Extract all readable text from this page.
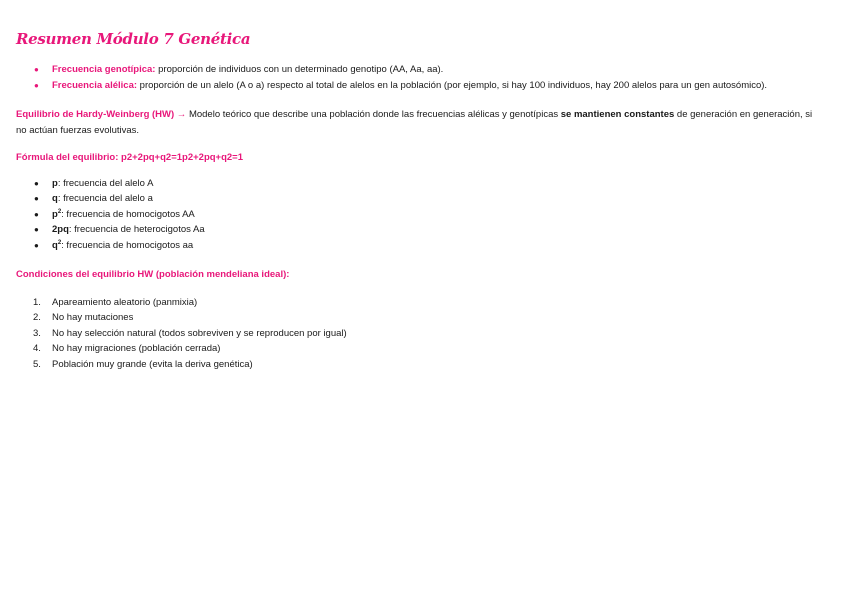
Resumen Módulo 7 Genética
● Frecuencia genotípica: proporción de individuos con un determinado genotipo (AA, Aa, aa).
● Frecuencia alélica: proporción de un alelo (A o a) respecto al total de alelos en la población (por ejemplo, si hay 100 individuos, hay 200 alelos para un gen autosómico).
Equilibrio de Hardy-Weinberg (HW) → Modelo teórico que describe una población donde las frecuencias alélicas y genotípicas se mantienen constantes de generación en generación, si no actúan fuerzas evolutivas.
Fórmula del equilibrio: p2+2pq+q2=1p2+2pq+q2=1
● p: frecuencia del alelo A
● q: frecuencia del alelo a
● $p^2$: frecuencia de homocigotos AA
● 2pq: frecuencia de heterocigotos Aa
● $q^2$: frecuencia de homocigotos aa
Condiciones del equilibrio HW (población mendeliana ideal):
1. Apareamiento aleatorio (panmixia)
2. No hay mutaciones
3. No hay selección natural (todos sobreviven y se reproducen por igual)
4. No hay migraciones (población cerrada)
5. Población muy grande (evita la deriva genética)
